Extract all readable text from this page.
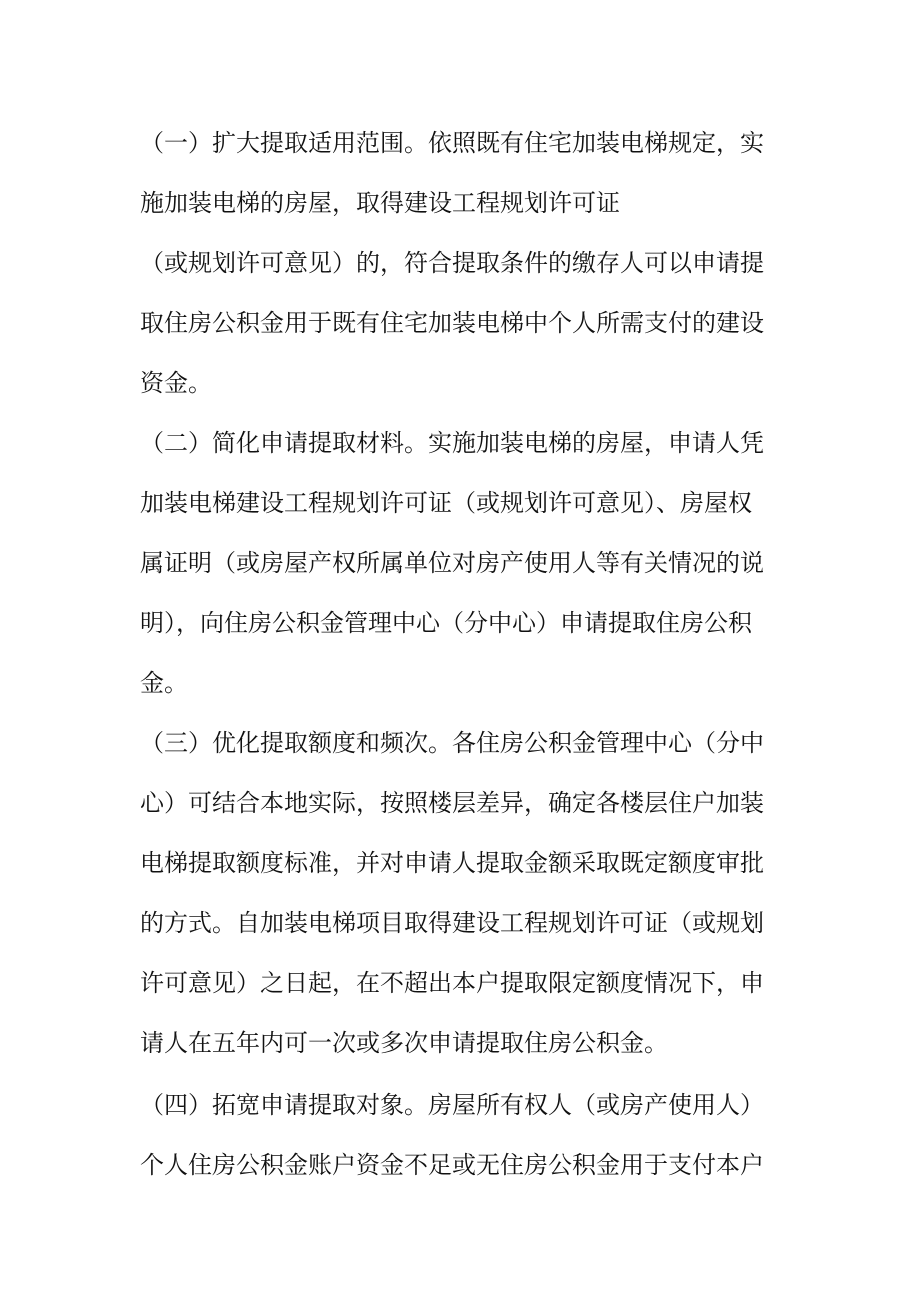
（一）扩大提取适用范围。依照既有住宅加装电梯规定，实
施加装电梯的房屋，取得建设工程规划许可证
（或规划许可意见）的，符合提取条件的缴存人可以申请提
取住房公积金用于既有住宅加装电梯中个人所需支付的建设
资金。
（二）简化申请提取材料。实施加装电梯的房屋，申请人凭
加装电梯建设工程规划许可证（或规划许可意见）、房屋权
属证明（或房屋产权所属单位对房产使用人等有关情况的说
明），向住房公积金管理中心（分中心）申请提取住房公积
金。
（三）优化提取额度和频次。各住房公积金管理中心（分中
心）可结合本地实际，按照楼层差异，确定各楼层住户加装
电梯提取额度标准，并对申请人提取金额采取既定额度审批
的方式。自加装电梯项目取得建设工程规划许可证（或规划
许可意见）之日起，在不超出本户提取限定额度情况下，申
请人在五年内可一次或多次申请提取住房公积金。
（四）拓宽申请提取对象。房屋所有权人（或房产使用人）
个人住房公积金账户资金不足或无住房公积金用于支付本户
